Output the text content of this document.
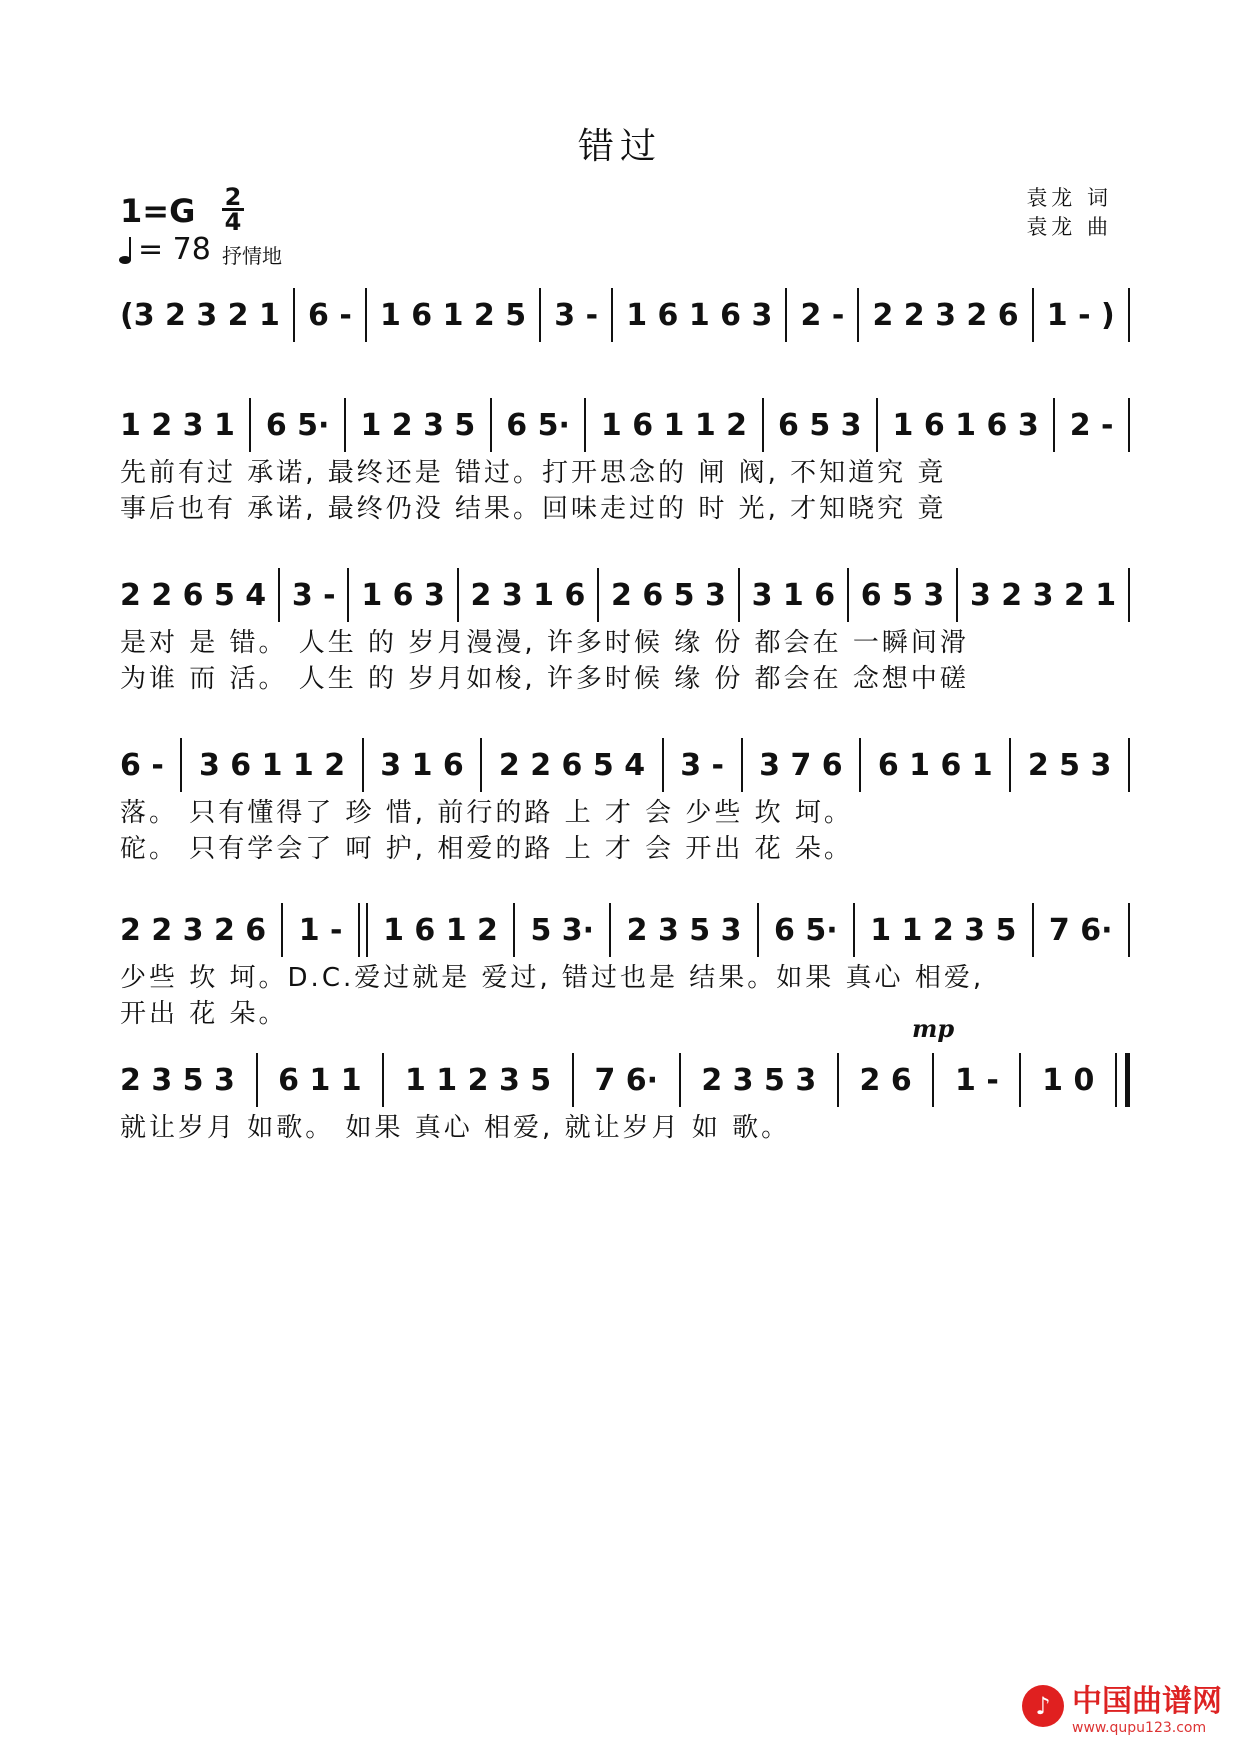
错过
1=G 2
4
= 78 抒情地
袁龙 词
袁龙 曲
(3 2 3 2 1 6 - 1 6 1 2 5 3 - 1 6 1 6 3 2 - 2 2 3 2 6 1 - )
1 2 3 1 6 5· 1 2 3 5 6 5· 1 6 1 1 2 6 5 3 1 6 1 6 3 2 -
先前有过 承诺, 最终还是 错过。打开思念的 闸 阀, 不知道究 竟
事后也有 承诺, 最终仍没 结果。回味走过的 时 光, 才知晓究 竟
2 2 6 5 4 3 - 1 6 3 2 3 1 6 2 6 5 3 3 1 6 6 5 3 3 2 3 2 1
是对 是 错。 人生 的 岁月漫漫, 许多时候 缘 份 都会在 一瞬间滑
为谁 而 活。 人生 的 岁月如梭, 许多时候 缘 份 都会在 念想中磋
6 - 3 6 1 1 2 3 1 6 2 2 6 5 4 3 - 3 7 6 6 1 6 1 2 5 3
落。 只有懂得了 珍 惜, 前行的路 上 才 会 少些 坎 坷。
砣。 只有学会了 呵 护, 相爱的路 上 才 会 开出 花 朵。
2 2 3 2 6 1 - 1 6 1 2 5 3· 2 3 5 3 6 5· 1 1 2 3 5 7 6·
少些 坎 坷。D.C.爱过就是 爱过, 错过也是 结果。如果 真心 相爱,
开出 花 朵。	mp
2 3 5 3 6 1 1 1 1 2 3 5 7 6· 2 3 5 3 2 6 1 - 1 0
就让岁月 如歌。 如果 真心 相爱, 就让岁月 如 歌。
♪ 中国曲谱网
www.qupu123.com
